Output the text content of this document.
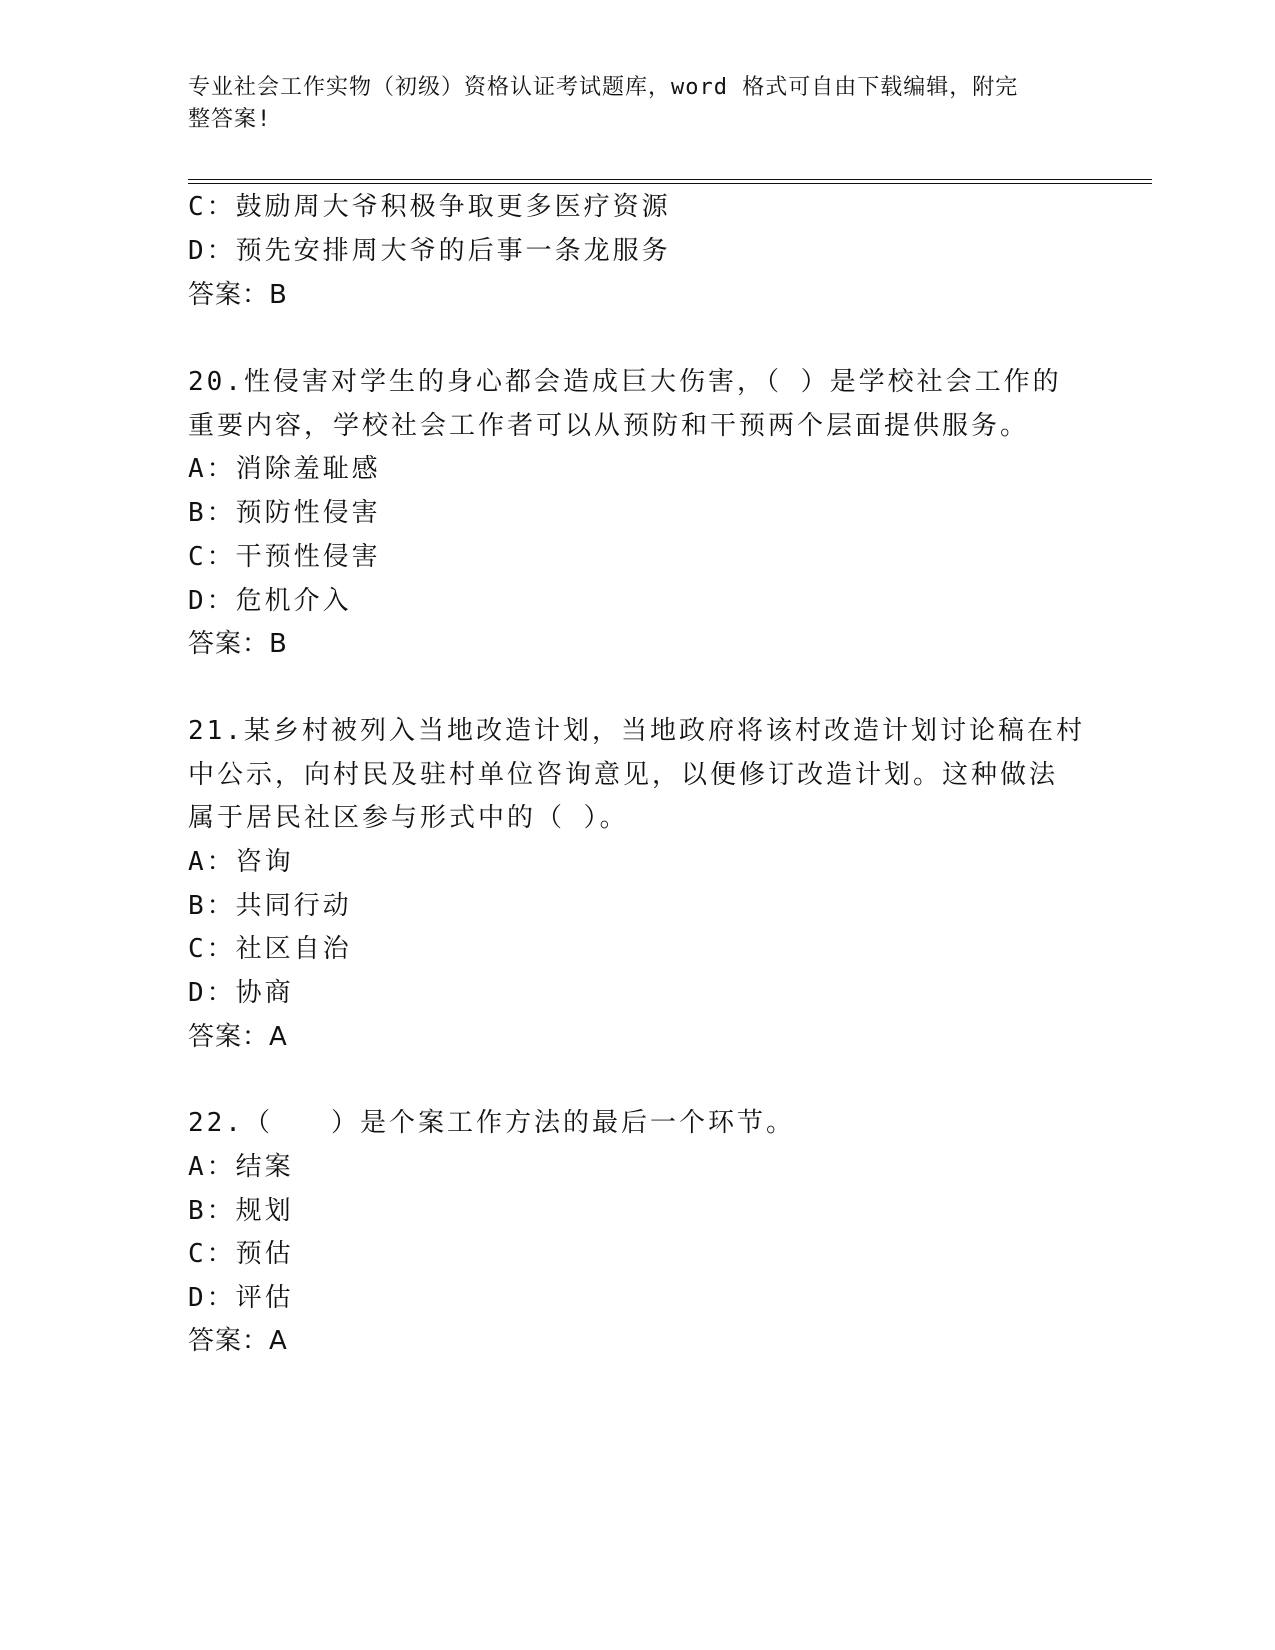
专业社会工作实物（初级）资格认证考试题库，word 格式可自由下载编辑，附完
整答案!
C：鼓励周大爷积极争取更多医疗资源
D：预先安排周大爷的后事一条龙服务
答案：B
20.性侵害对学生的身心都会造成巨大伤害，（ ）是学校社会工作的
重要内容，学校社会工作者可以从预防和干预两个层面提供服务。
A：消除羞耻感
B：预防性侵害
C：干预性侵害
D：危机介入
答案：B
21.某乡村被列入当地改造计划，当地政府将该村改造计划讨论稿在村
中公示，向村民及驻村单位咨询意见，以便修订改造计划。这种做法
属于居民社区参与形式中的（ ）。
A：咨询
B：共同行动
C：社区自治
D：协商
答案：A
22.（　　）是个案工作方法的最后一个环节。
A：结案
B：规划
C：预估
D：评估
答案：A
